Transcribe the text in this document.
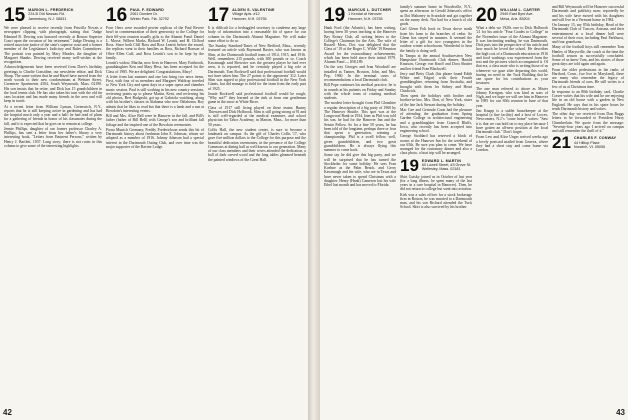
15 MARION L. FREDERICK
224-B Old Nassau Rd.
Jamesburg, N.J. 08831

We were pleased to receive recently from Priscilla Novais a newspaper clipping, with photograph, stating that "Judge Edmund R. Dewing was honored recently at Boston Superior Court upon the occasion of his retirement." Judge Dewing is a retired associate justice of the state's superior court and a former member of the Legislature's Judiciary and Rules Committees. The portrait was painted by Mary Meader, the daughter of Margaret Shanks. Dewing received many well-wishes at the recognition.

Acknowledgements have been received from Dave's birthday greetings to Charlie Considine, our newsletter editor, and Dick Sharp. The same written that he and Hazel have moved from the north woods to their new condominium at Webster Street, Greentree Apartments 4304, South Weymouth, Mass. 02190. His son insists that he retire, and Dick has 15 grandchildren in the local tennis club. He has also taken his turn with the old tin cans location and has made many friends in the area and will keep in touch.

At a recent letter from William Lyman, Greenwich, N.Y., reports that he is still keeping active in gardening and has had the hospital much only a year and a half; he had read of plans for a gathering of friends in honor of his classmates during the fall, and it is expected that he goes on to remain at college.

Jennie Phillips, daughter of our former professor Charley A. Phillips, has sent a letter from her father's library a very interesting book, "Letters from Eminent Persons," written by Henry J. Bartlett, 1837. Long story; there is not room in this column to give some of the interesting highlights.

16 PAUL F. EDWARD
2061 Dundee Dr.
Winter Park, Fla. 32792

Four 16ers were awarded pewter replicas of the Paul Revere bowl in commemoration of their generosity to the College for their 60-year reunion usually gifts to the Alumni Fund: Daniel L. Morse, Wilbert Marks, Richard W. Learitt, and H. Clifford Ross. Since both Cliff Ross and Ross Learitt before the award, the replicas went to their families as Ross, Richard Ronson of Olive Ellen Cuff, and Ross Learitt's son to be kept by the family.

Learitt's widow, Martha, now lives in Hanover. Mary Fairbrook, granddaughter Ken and Mary Hess, has been accepted for the Class of 1985. We are delighted. Congratulations, Mary!

A letter from last summer and one last bring two news items. First, with four of us members and Margaret Waldrop traveled to New York City and spent days in a super opera and chamber music session. Paul is still working in his new country sessions, reviewing points up to please Martin, Kent, and reviewing his old photos, Bert Budgeski, got up at Gabriola watching, along with his brother's classes in Alabama who now Oklahoma. Roy admits that he likes to read but that there is a lamb and a sun at Bowdoin's interesting events.

Bill and Mrs. Alice Bell were in Hanover in the fall, and Bill's father (father of Bill Bell) with George's son and brilliant fall foliage and the inspired one of the Bowdoin ceremonies.

Fiona Munich Germany, Freddy Frederickson sends this bit of Dartmouth history about freshman John E. Johnson, whom we adopted as a member of 1916. Johnny Johnson had a special interest in the Dartmouth Outing Club, and over time was the major supporter of the Ravine Lodge.

17 ALDEN S. VALENTINE
Village Apts. #12
Hanover, N.H. 03755

It is difficult for a bedraggled secretary to condense any large body of information into a reasonable bit of space for our column in the Dartmouth Alumni Magazine. We will make some effort to do so.

The Sunday Standard-Times of New Bedford, Mass., recently featured an article with Raymond Baxter, who was known as Slim, at the Dartmouth football team of 1914, 1915, and 1916. Well, remembers 215 pounds, with 300 pounds or so. Coach Kavanaugh said Brewster was the greatest player he had ever seen, it is reported, and he certainly played a big role at Dartmouth. Tom Rockwell said that professional football would not have taken him. The 27 points to the opponents' 312. Later Slim was signed to play professional football in the New York Giants, but did manage to field for the team from the early part of 1925.

Jeanie Rockwell said professional football would be rough; "Why not?" they learned at the rink at from one gentleman game in the snow at White River.

Class of 1917 still living played on these teams: Bunny Thiessen and Dick Holbrook. Slim is still going strong at 91 and is still well-regarded at the medical examiner, and school physician for Tabor Academy, in Marion, Mass., for more than 50 years.

Collis Hall, the new student center, is sure to become a landmark on campus. As the gift of Charles Collis '17, who gave five million dollars to the College for this purpose and the beautiful dedication ceremonies, in the presence of the College Commons at dining hall as well known to our generation. Many of our class members and their wives attended the dedication, a ball of dark carved wood and the long tables gleamed beneath the painted windows of the Great Hall.

42
19 MARCUS L. DUTCHER
1 Kendal at Hanover
Hanover, N.H. 03755

Hank Ford (the Atlantic), has been writing, having been 30 years teaching at the Hanover Bay Rotary Club, all writing letters to the College's Chairman for the Arts. The wife of Russell Moss, Dot, was delighted that the Class of '19 at the Roger C. Wilde '19 Reunion Award for the extraordinary achievements, which has been held since their initial 1979. Alumni Fund — $58,189.

On the way Georges and Ivan Woodruff are installed as Tanner, Broston, John, and Mrs. Pep, 1960. In the terminal cases of recommendations a local Dartmouth club.

Bill Pope continues his medical practice, he is in rounds at his patients on Friday and Sunday with the whole team of rotating medical students.

The modest letter brought from Phil Glanshire a regular description of a big party of 1960 by The Hanover Shuttle. This spot was at the Longwood Bank in 1934, later as Phil was told his son, he had for the Hanover Inn and the Senior Fellow. So for a fine 50 years, he has been told of the longtime, perhaps three or four that spent a generation, winning a championship. Phil is a swell fellow, well, given grandchildren, and two great grandchildren. He is always flying this summer to come back.

Some say he did give this big party, and we will be surprised that he has turned the Stockholm for some holiday. He sees Fran Koehne as the Palm Beach, and Gerry Kavanaugh and his wife, who are in Texas and have never taken to spend Christmas with a daughter. Henry (Hank) Cameron lost his wife Ethel last month and has moved to Florida.

family's summer home in Woodsville, N.Y., spent an afternoon in Gerald Johnson's office as Dot Mahoney in Scarsdale and got together on the sunny deck. Not bad for a bunch of old grads.

Carl Glenn Folt back in Texas drove north from his farm to the branches of cedar. So Glenn has stayed in summer. It seemed the letter of a gift for two youngsters in the outdoor winter schoolroom. Wonderful to hear the family is doing well.

In Tampa at the annual Southwestern New Hampshire Dartmouth Club dinner, Harold Knutson, George von Knoff and Dora Shutter and her friend Fran Blackwell.

Jerry and Betty Clark (his phone found Edith White and Edgar) with their Fourth granddaughter, returning from Australia, and brought with them for Sidney and Heart Chadwick.

Then spent the holidays with brother and brother-in-law, Mrs. Don, of New York, sister of the late Jack Stewart during the holiday.

Mac Gee and Gertrude Coon had the pleasure of attending the graduation from Spring Garden College in architectural engineering and a granddaughter from Council Bluffs, Iowa, who recently has been accepted into engineering school.

George Stoddard has reserved a block of rooms at the Hanover Inn for the weekend of our 65th. Be sure you plan to come. We have arranged for the customary dinner and also a class photo, a boat trip will be arranged.

19 EDWARD L. MARTIN
60 Lowell Street, #3 Grove St.
Wellesley, Mass. 02181

Skirt Gutsky joined us in October of last year (for a long illness, he spent many of the last years in a care hospital in Hanover). Then, he did not return to college but went into aviation.

Kirk was a sales officer for a stock brokerage firm in Boston, he was married to a Dartmouth man, and his son Richard attended the Tuck School. Skirt is also survived by his brother.

20 WILLIAM L. CARTER
2949 East Byrd Ave.
Mesa, Ariz. 85204

What a debt we 1920s owe to Dick Holbrook '21 for his article "Four Grades to College" in the November issue of the Alumni Magazine. It was fascinating reading, he was Dartmouth. Dick puts into the perspective of his article and how much he loved the school. He describes the high cost of a Dartmouth education in 1916 and food washings was experienced from the text and the pictures which accompanied it. Of that era, a class mate who is writing those of us whenever we gaze after departing this world, having no need in the Tuck Building that he can spare for his contributions as your treasurer.

The one man referred to above as Mister Johnny Kerrigan, who was kind as sons of Nigh, and we hope we will see him in Hanover in 1985 for our 65th reunion in June of that year.

Jim Knapp is a sublet housekeeper at the hospital (a fine facility) and a host of Lowes, Newcomers, N.J.'s "come home" writes: "Saw it is that we can hold on to my place because I have gotten an all-new position at the local Dartmouth club." Don't forget.

From Lew and Alice Unger arrived weeks ago a lovely postcard mailed from Geneva, where they had a short stay and came home via London.

and Bill Weymouth will be Hanover successful Dartmouth and publicity man; reportedly he and his wife have moved with his daughters and will live in a Vermont home in 1984.

On January 15, my 85th birthday, Head of the Dartmouth Club of Tuscon, Arizona, and their entertainment at a local dinner hall were several of their own, including Paul Parkhurst, and four grandsons.

Many of the football boys still remember Tom Hanley of Marysville, the coach at the time the football season as successfully concluded. Some of us knew Tom, and his stories of those great days are told again and again.

From the older pedestrians in the ranks of Hartford, Conn., (we live in Maryland), there are many who remember the legacy of Dartmouth friends of ours. He still writes to a few of us at Christmas time.

In response to an 80th birthday card, Charlie Craver writes that his wife and he are enjoying life in an old house with a garden in New England. He says that in his spare hours he reads Dartmouth history and writes.

The other day we received from Dan Baggs letters to be forwarded to President Harry Chamberlain. We quote from the message: "Seventy-four years ago I arrived on campus and still remember the thrill of it."

21 CHARLES F. CONWAY
44 Hilltop Place
Norwich, Vt. 05055
43
